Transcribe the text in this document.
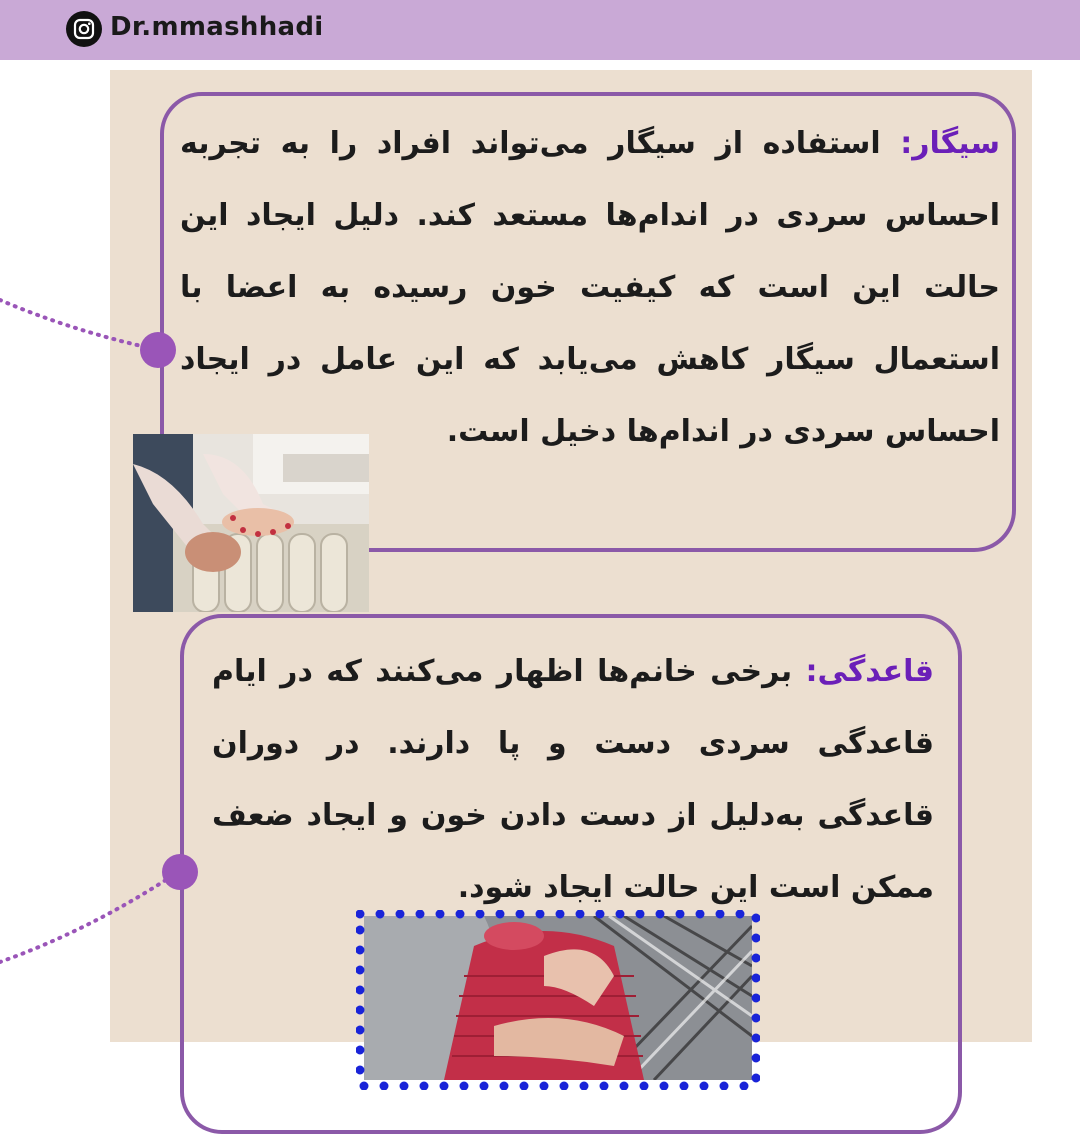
Dr.mmashhadi
سیگار: استفاده از سیگار می‌تواند افراد را به تجربه احساس سردی در اندام‌ها مستعد کند. دلیل ایجاد این حالت این است که کیفیت خون رسیده به اعضا با استعمال سیگار کاهش می‌یابد که این عامل در ایجاد احساس سردی در اندام‌ها دخیل است.
قاعدگی: برخی خانم‌ها اظهار می‌کنند که در ایام قاعدگی سردی دست و پا دارند. در دوران قاعدگی به‌دلیل از دست دادن خون و ایجاد ضعف ممکن است این حالت ایجاد شود.
